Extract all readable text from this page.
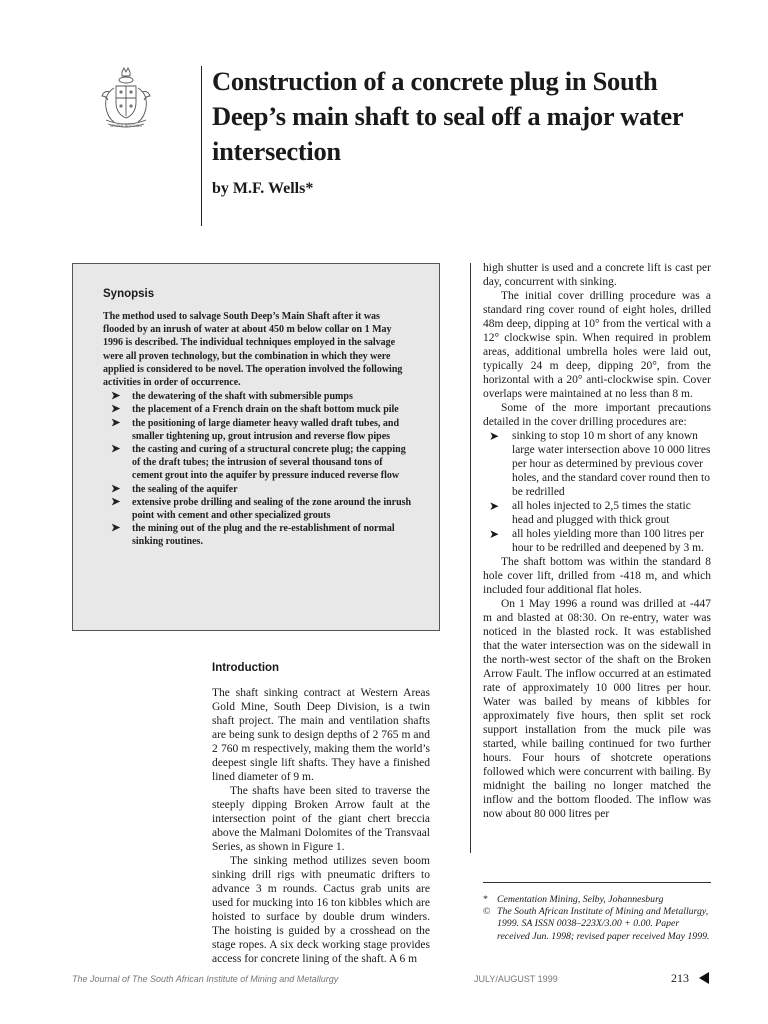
SEMPER DOCENDO
Construction of a concrete plug in South Deep’s main shaft to seal off a major water intersection
by M.F. Wells*
Synopsis

The method used to salvage South Deep’s Main Shaft after it was flooded by an inrush of water at about 450 m below collar on 1 May 1996 is described. The individual techniques employed in the salvage were all proven technology, but the combination in which they were applied is considered to be novel. The operation involved the following activities in order of occurrence.

➤ the dewatering of the shaft with submersible pumps
➤ the placement of a French drain on the shaft bottom muck pile
➤ the positioning of large diameter heavy walled draft tubes, and smaller tightening up, grout intrusion and reverse flow pipes
➤ the casting and curing of a structural concrete plug; the capping of the draft tubes; the intrusion of several thousand tons of cement grout into the aquifer by pressure induced reverse flow
➤ the sealing of the aquifer
➤ extensive probe drilling and sealing of the zone around the inrush point with cement and other specialized grouts
➤ the mining out of the plug and the re-establishment of normal sinking routines.
Introduction

The shaft sinking contract at Western Areas Gold Mine, South Deep Division, is a twin shaft project. The main and ventilation shafts are being sunk to design depths of 2 765 m and 2 760 m respectively, making them the world’s deepest single lift shafts. They have a finished lined diameter of 9 m.

The shafts have been sited to traverse the steeply dipping Broken Arrow fault at the intersection point of the giant chert breccia above the Malmani Dolomites of the Transvaal Series, as shown in Figure 1.

The sinking method utilizes seven boom sinking drill rigs with pneumatic drifters to advance 3 m rounds. Cactus grab units are used for mucking into 16 ton kibbles which are hoisted to surface by double drum winders. The hoisting is guided by a crosshead on the stage ropes. A six deck working stage provides access for concrete lining of the shaft. A 6 m

high shutter is used and a concrete lift is cast per day, concurrent with sinking.

The initial cover drilling procedure was a standard ring cover round of eight holes, drilled 48m deep, dipping at 10° from the vertical with a 12° clockwise spin. When required in problem areas, additional umbrella holes were laid out, typically 24 m deep, dipping 20°, from the horizontal with a 20° anti-clockwise spin. Cover overlaps were maintained at no less than 8 m.

Some of the more important precautions detailed in the cover drilling procedures are:

➤ sinking to stop 10 m short of any known large water intersection above 10 000 litres per hour as determined by previous cover holes, and the standard cover round then to be redrilled
➤ all holes injected to 2,5 times the static head and plugged with thick grout
➤ all holes yielding more than 100 litres per hour to be redrilled and deepened by 3 m.

The shaft bottom was within the standard 8 hole cover lift, drilled from -418 m, and which included four additional flat holes.

On 1 May 1996 a round was drilled at -447 m and blasted at 08:30. On re-entry, water was noticed in the blasted rock. It was established that the water intersection was on the sidewall in the north-west sector of the shaft on the Broken Arrow Fault. The inflow occurred at an estimated rate of approximately 10 000 litres per hour. Water was bailed by means of kibbles for approximately five hours, then split set rock support installation from the muck pile was started, while bailing continued for two further hours. Four hours of shotcrete operations followed which were concurrent with bailing. By midnight the bailing no longer matched the inflow and the bottom flooded. The inflow was now about 80 000 litres per

* Cementation Mining, Selby, Johannesburg

© The South African Institute of Mining and Metallurgy, 1999. SA ISSN 0038–223X/3.00 + 0.00. Paper received Jun. 1998; revised paper received May 1999.

The Journal of The South African Institute of Mining and Metallurgy	JULY/AUGUST 1999	213
